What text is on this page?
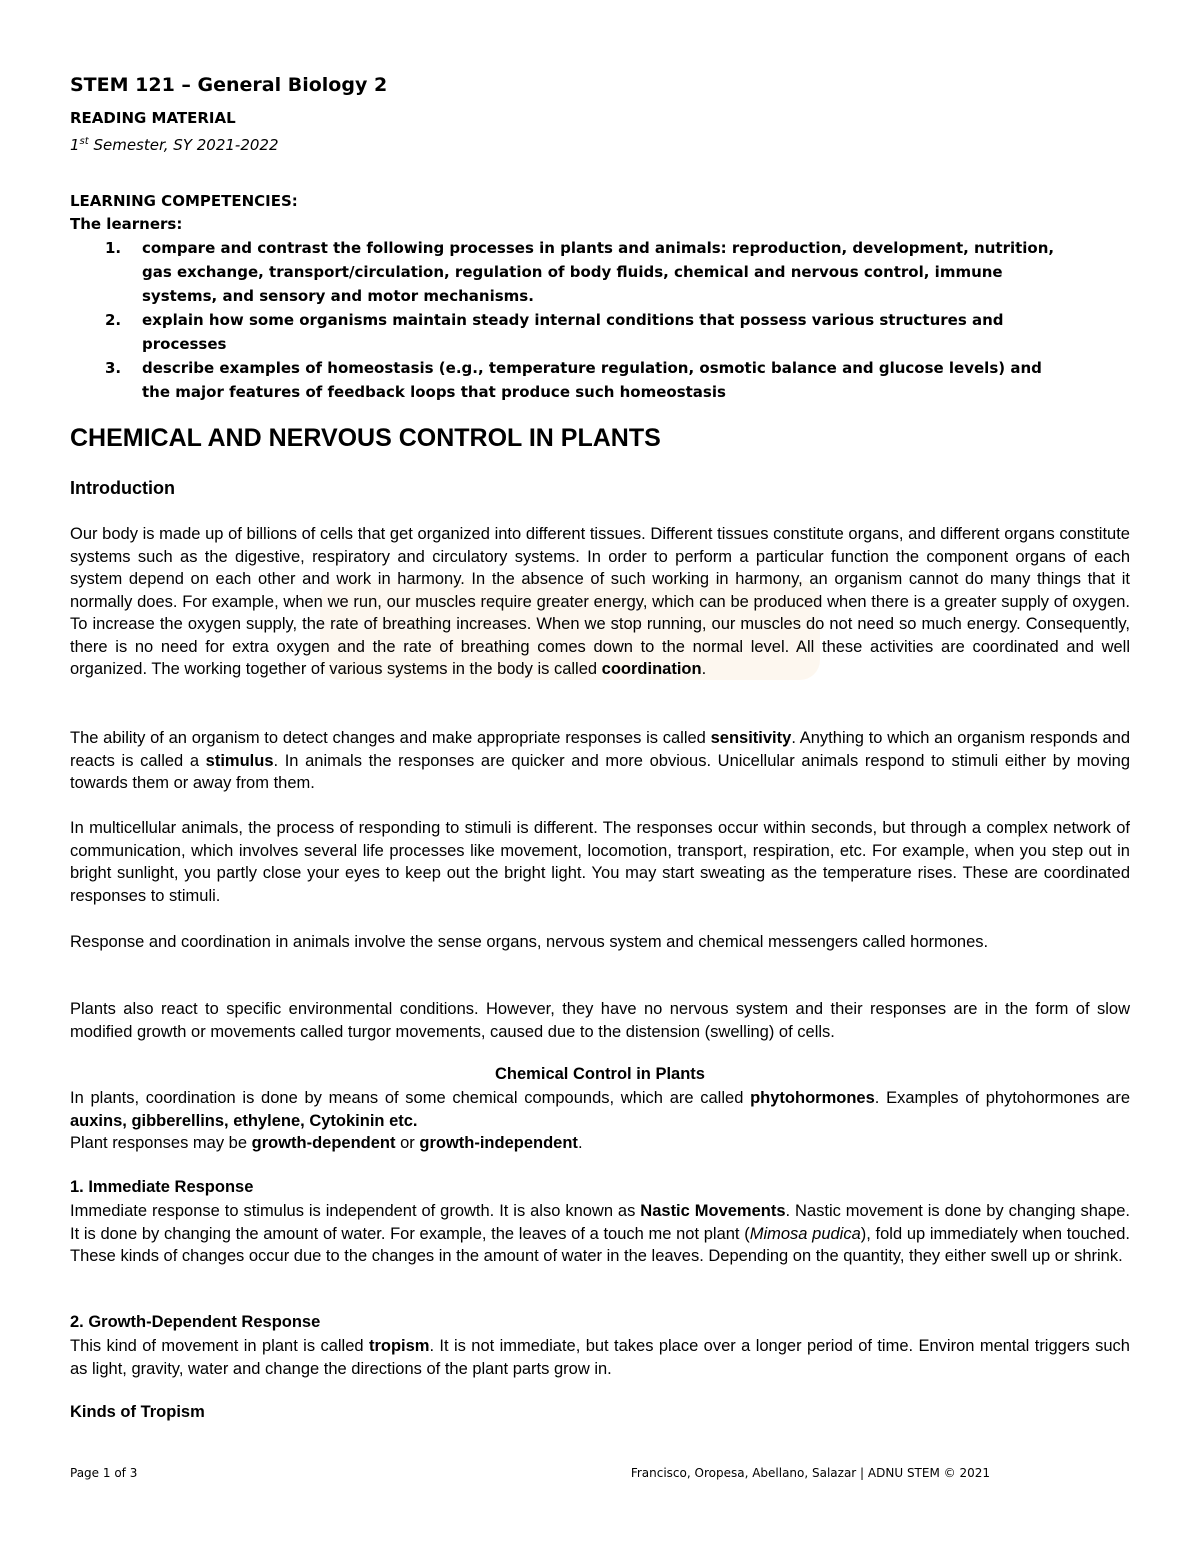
STEM 121 – General Biology 2
READING MATERIAL
1st Semester, SY 2021-2022
LEARNING COMPETENCIES:
The learners:
1. compare and contrast the following processes in plants and animals: reproduction, development, nutrition, gas exchange, transport/circulation, regulation of body fluids, chemical and nervous control, immune systems, and sensory and motor mechanisms.
2. explain how some organisms maintain steady internal conditions that possess various structures and processes
3. describe examples of homeostasis (e.g., temperature regulation, osmotic balance and glucose levels) and the major features of feedback loops that produce such homeostasis
CHEMICAL AND NERVOUS CONTROL IN PLANTS
Introduction

Our body is made up of billions of cells that get organized into different tissues. Different tissues constitute organs, and different organs constitute systems such as the digestive, respiratory and circulatory systems. In order to perform a particular function the component organs of each system depend on each other and work in harmony. In the absence of such working in harmony, an organism cannot do many things that it normally does. For example, when we run, our muscles require greater energy, which can be produced when there is a greater supply of oxygen. To increase the oxygen supply, the rate of breathing increases. When we stop running, our muscles do not need so much energy. Consequently, there is no need for extra oxygen and the rate of breathing comes down to the normal level. All these activities are coordinated and well organized. The working together of various systems in the body is called coordination.

The ability of an organism to detect changes and make appropriate responses is called sensitivity. Anything to which an organism responds and reacts is called a stimulus. In animals the responses are quicker and more obvious. Unicellular animals respond to stimuli either by moving towards them or away from them.

In multicellular animals, the process of responding to stimuli is different. The responses occur within seconds, but through a complex network of communication, which involves several life processes like movement, locomotion, transport, respiration, etc. For example, when you step out in bright sunlight, you partly close your eyes to keep out the bright light. You may start sweating as the temperature rises. These are coordinated responses to stimuli.

Response and coordination in animals involve the sense organs, nervous system and chemical messengers called hormones.

Plants also react to specific environmental conditions. However, they have no nervous system and their responses are in the form of slow modified growth or movements called turgor movements, caused due to the distension (swelling) of cells.

Chemical Control in Plants

In plants, coordination is done by means of some chemical compounds, which are called phytohormones. Examples of phytohormones are auxins, gibberellins, ethylene, Cytokinin etc.

Plant responses may be growth-dependent or growth-independent.

1. Immediate Response

Immediate response to stimulus is independent of growth. It is also known as Nastic Movements. Nastic movement is done by changing shape. It is done by changing the amount of water. For example, the leaves of a touch me not plant (Mimosa pudica), fold up immediately when touched. These kinds of changes occur due to the changes in the amount of water in the leaves. Depending on the quantity, they either swell up or shrink.

2. Growth-Dependent Response

This kind of movement in plant is called tropism. It is not immediate, but takes place over a longer period of time. Environ mental triggers such as light, gravity, water and change the directions of the plant parts grow in.

Kinds of Tropism
Page 1 of 3	Francisco, Oropesa, Abellano, Salazar | ADNU STEM © 2021
